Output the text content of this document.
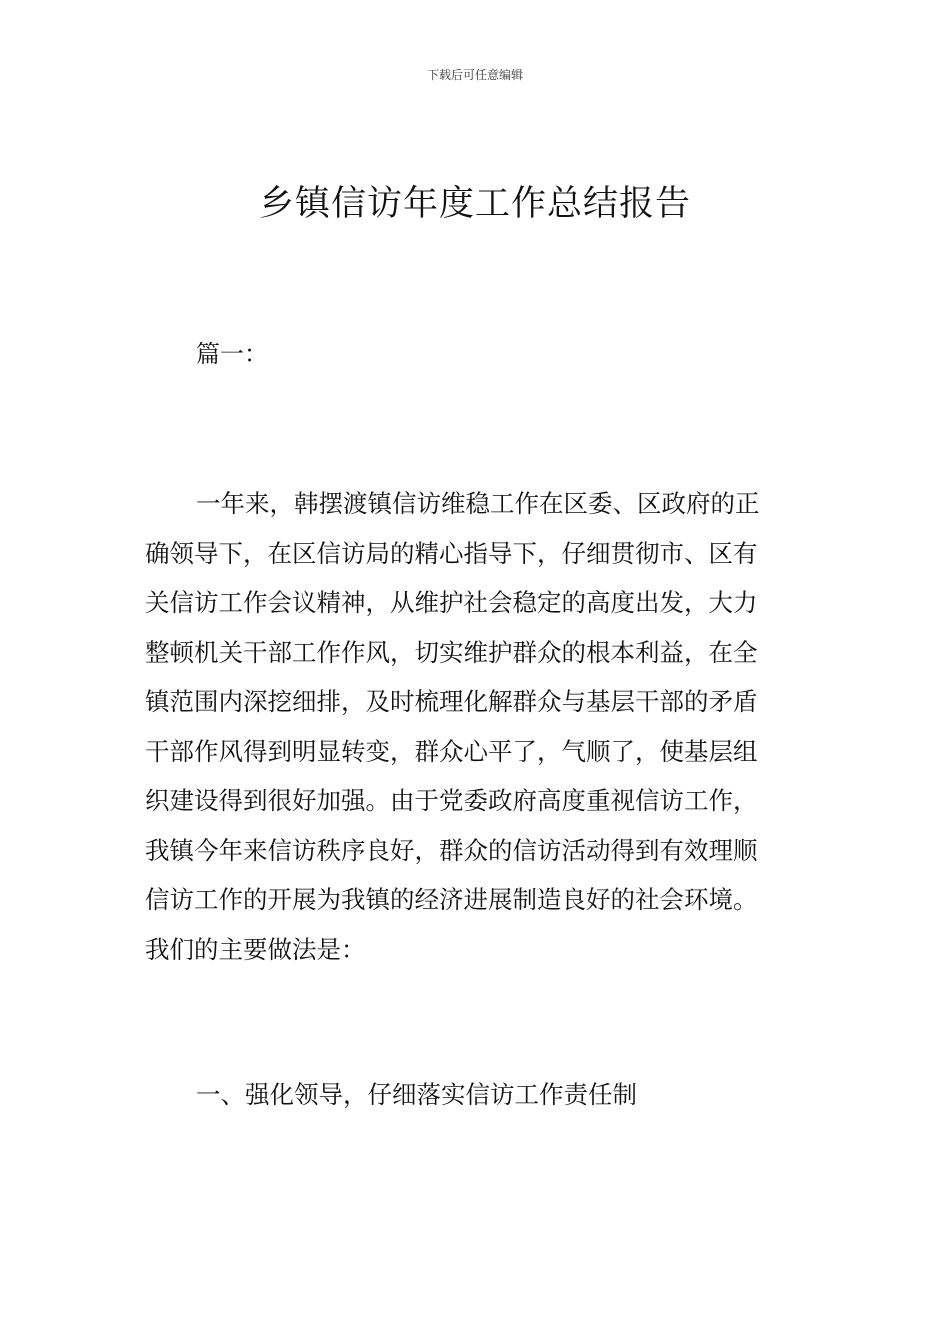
下载后可任意编辑
乡镇信访年度工作总结报告
篇一：
一年来，韩摆渡镇信访维稳工作在区委、区政府的正
确领导下，在区信访局的精心指导下，仔细贯彻市、区有
关信访工作会议精神，从维护社会稳定的高度出发，大力
整顿机关干部工作作风，切实维护群众的根本利益，在全
镇范围内深挖细排，及时梳理化解群众与基层干部的矛盾
干部作风得到明显转变，群众心平了，气顺了，使基层组
织建设得到很好加强。由于党委政府高度重视信访工作，
我镇今年来信访秩序良好，群众的信访活动得到有效理顺
信访工作的开展为我镇的经济进展制造良好的社会环境。
我们的主要做法是：
一、强化领导，仔细落实信访工作责任制
